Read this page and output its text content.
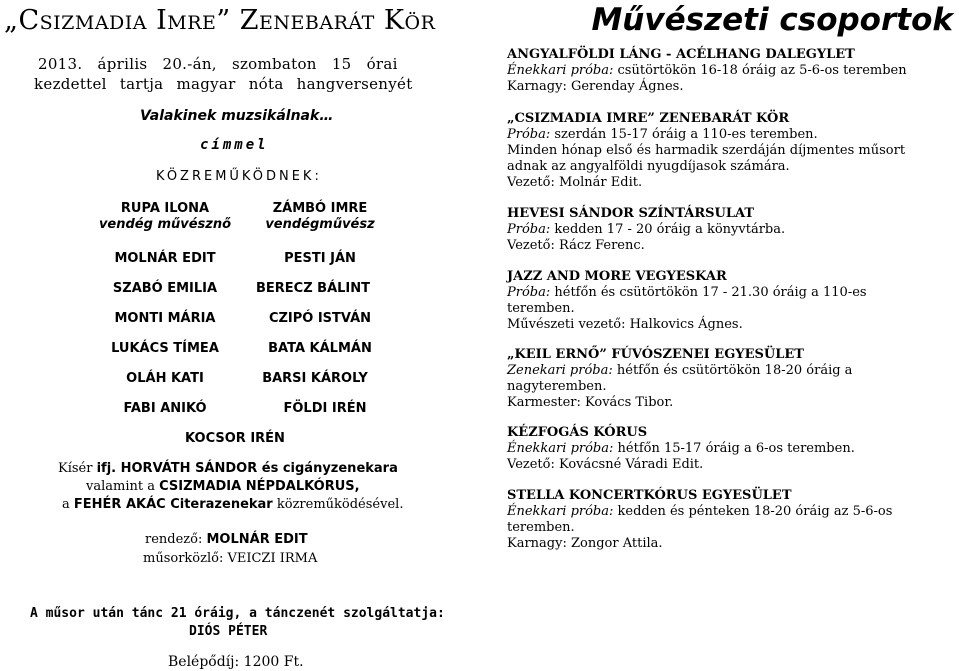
„Csizmadia Imre” Zenebarát Kör	Művészeti csoportok
2013. április 20.-án, szombaton 15 órai
kezdettel tartja magyar nóta hangversenyét
Valakinek muzsikálnak…
címmel
KÖZREMŰKÖDNEK:
RUPA ILONA
vendég művésznő
MOLNÁR EDIT
SZABÓ EMILIA
MONTI MÁRIA
LUKÁCS TÍMEA
OLÁH KATI
FABI ANIKÓ
ZÁMBÓ IMRE
vendégművész
PESTI JÁN
BERECZ BÁLINT
CZIPÓ ISTVÁN
BATA KÁLMÁN
BARSI KÁROLY
FÖLDI IRÉN
KOCSOR IRÉN
Kísér ifj. HORVÁTH SÁNDOR és cigányzenekara
valamint a CSIZMADIA NÉPDALKÓRUS,
a FEHÉR AKÁC Citerazenekar közreműködésével.
rendező: MOLNÁR EDIT
műsorközlő: VEICZI IRMA
ANGYALFÖLDI LÁNG - ACÉLHANG DALEGYLET
Énekkari próba: csütörtökön 16-18 óráig az 5-6-os teremben
Karnagy: Gerenday Ágnes.
„CSIZMADIA IMRE” ZENEBARÁT KÖR
Próba: szerdán 15-17 óráig a 110-es teremben.
Minden hónap első és harmadik szerdáján díjmentes műsort
adnak az angyalföldi nyugdíjasok számára.
Vezető: Molnár Edit.
HEVESI SÁNDOR SZÍNTÁRSULAT
Próba: kedden 17 - 20 óráig a könyvtárba.
Vezető: Rácz Ferenc.
JAZZ AND MORE VEGYESKAR
Próba: hétfőn és csütörtökön 17 - 21.30 óráig a 110-es
teremben.
Művészeti vezető: Halkovics Ágnes.
„KEIL ERNŐ” FÚVÓSZENEI EGYESÜLET
Zenekari próba: hétfőn és csütörtökön 18-20 óráig a
nagyteremben.
Karmester: Kovács Tibor.
KÉZFOGÁS KÓRUS
Énekkari próba: hétfőn 15-17 óráig a 6-os teremben.
Vezető: Kovácsné Váradi Edit.
STELLA KONCERTKÓRUS EGYESÜLET
Énekkari próba: kedden és pénteken 18-20 óráig az 5-6-os
teremben.
Karnagy: Zongor Attila.
A műsor után tánc 21 óráig, a tánczenét szolgáltatja:
DIÓS PÉTER
Belépődíj: 1200 Ft.
